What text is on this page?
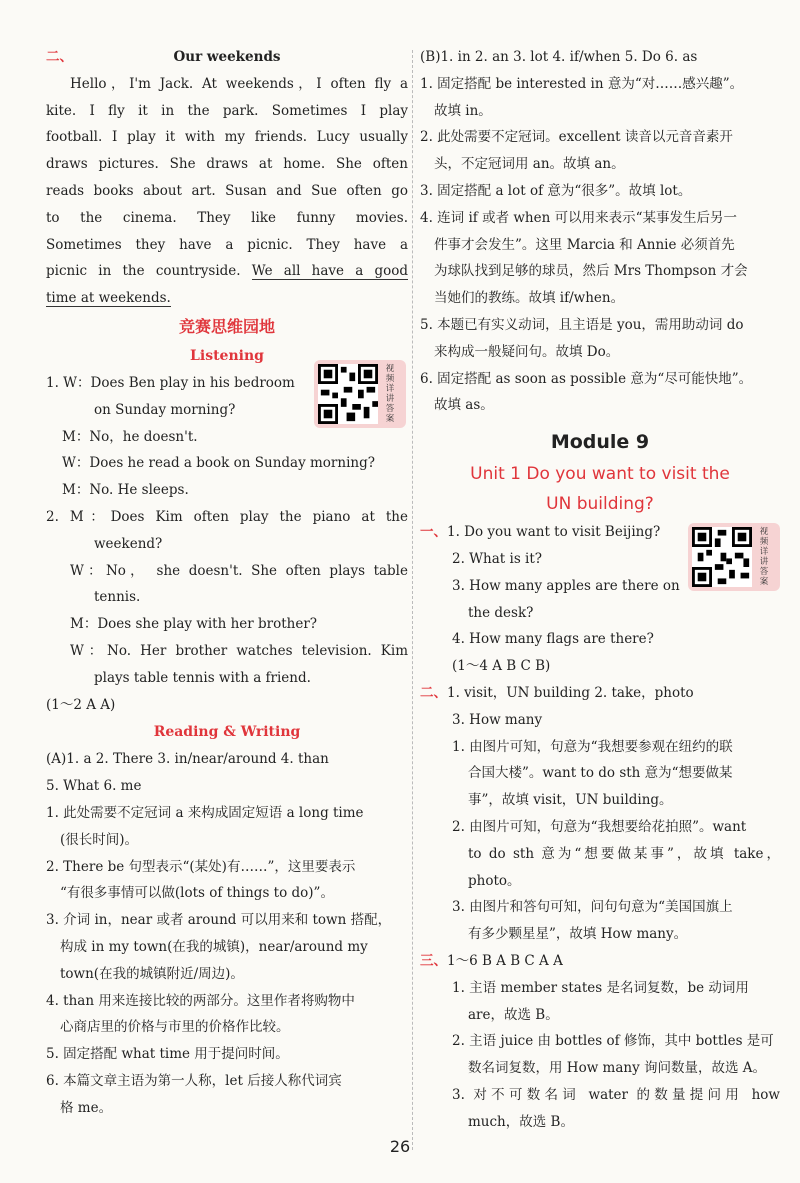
二、	Our weekends
Hello，I'm Jack. At weekends，I often fly a
kite. I fly it in the park. Sometimes I play
football. I play it with my friends. Lucy usually
draws pictures. She draws at home. She often
reads books about art. Susan and Sue often go
to the cinema. They like funny movies.
Sometimes they have a picnic. They have a
picnic in the countryside. We all have a good
time at weekends.
竞赛思维园地
Listening
视频详讲答案
1. W：Does Ben play in his bedroom
on Sunday morning?
M：No，he doesn't.
W：Does he read a book on Sunday morning?
M：No. He sleeps.
2. M：Does Kim often play the piano at the
weekend?
W：No， she doesn't. She often plays table
tennis.
M：Does she play with her brother?
W：No. Her brother watches television. Kim
plays table tennis with a friend.
(1～2 A A)
Reading & Writing
(A)1. a 2. There 3. in/near/around 4. than
5. What 6. me
1. 此处需要不定冠词 a 来构成固定短语 a long time
(很长时间)。
2. There be 句型表示“(某处)有……”，这里要表示
“有很多事情可以做(lots of things to do)”。
3. 介词 in，near 或者 around 可以用来和 town 搭配，
构成 in my town(在我的城镇)，near/around my
town(在我的城镇附近/周边)。
4. than 用来连接比较的两部分。这里作者将购物中
心商店里的价格与市里的价格作比较。
5. 固定搭配 what time 用于提问时间。
6. 本篇文章主语为第一人称，let 后接人称代词宾
格 me。
(B)1. in 2. an 3. lot 4. if/when 5. Do 6. as
1. 固定搭配 be interested in 意为“对……感兴趣”。
故填 in。
2. 此处需要不定冠词。excellent 读音以元音音素开
头，不定冠词用 an。故填 an。
3. 固定搭配 a lot of 意为“很多”。故填 lot。
4. 连词 if 或者 when 可以用来表示“某事发生后另一
件事才会发生”。这里 Marcia 和 Annie 必须首先
为球队找到足够的球员，然后 Mrs Thompson 才会
当她们的教练。故填 if/when。
5. 本题已有实义动词，且主语是 you，需用助动词 do
来构成一般疑问句。故填 Do。
6. 固定搭配 as soon as possible 意为“尽可能快地”。
故填 as。
Module 9
Unit 1 Do you want to visit the
UN building?
视频详讲答案
一、1. Do you want to visit Beijing?
2. What is it?
3. How many apples are there on
the desk?
4. How many flags are there?
(1～4 A B C B)
二、1. visit，UN building 2. take，photo
3. How many
1. 由图片可知，句意为“我想要参观在纽约的联
合国大楼”。want to do sth 意为“想要做某
事”，故填 visit，UN building。
2. 由图片可知，句意为“我想要给花拍照”。want
to do sth 意为“想要做某事”，故填 take，
photo。
3. 由图片和答句可知，问句句意为“美国国旗上
有多少颗星星”，故填 How many。
三、1～6 B A B C A A
1. 主语 member states 是名词复数，be 动词用
are，故选 B。
2. 主语 juice 由 bottles of 修饰，其中 bottles 是可
数名词复数，用 How many 询问数量，故选 A。
3. 对不可数名词 water 的数量提问用 how
much，故选 B。
26
